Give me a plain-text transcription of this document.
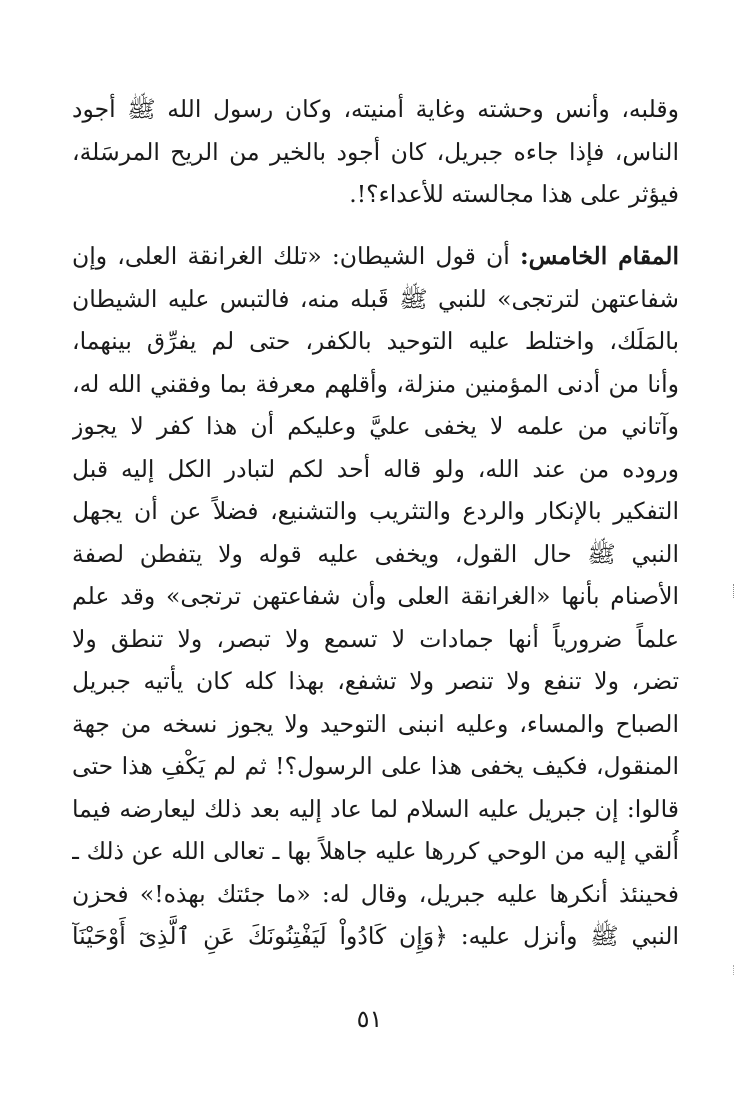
وقلبه، وأنس وحشته وغاية أمنيته، وكان رسول الله ﷺ أجود
الناس، فإذا جاءه جبريل، كان أجود بالخير من الريح المرسَلة،
فيؤثر على هذا مجالسته للأعداء؟!.
المقام الخامس: أن قول الشيطان: «تلك الغرانقة العلى، وإن
شفاعتهن لترتجى» للنبي ﷺ قَبله منه، فالتبس عليه الشيطان
بالمَلَك، واختلط عليه التوحيد بالكفر، حتى لم يفرِّق بينهما،
وأنا من أدنى المؤمنين منزلة، وأقلهم معرفة بما وفقني الله له،
وآتاني من علمه لا يخفى عليَّ وعليكم أن هذا كفر لا يجوز
وروده من عند الله، ولو قاله أحد لكم لتبادر الكل إليه قبل
التفكير بالإنكار والردع والتثريب والتشنيع، فضلاً عن أن يجهل
النبي ﷺ حال القول، ويخفى عليه قوله ولا يتفطن لصفة
الأصنام بأنها «الغرانقة العلى وأن شفاعتهن ترتجى» وقد علم
علماً ضرورياً أنها جمادات لا تسمع ولا تبصر، ولا تنطق ولا
تضر، ولا تنفع ولا تنصر ولا تشفع، بهذا كله كان يأتيه جبريل
الصباح والمساء، وعليه انبنى التوحيد ولا يجوز نسخه من جهة
المنقول، فكيف يخفى هذا على الرسول؟! ثم لم يَكْفِ هذا حتى
قالوا: إن جبريل عليه السلام لما عاد إليه بعد ذلك ليعارضه فيما
أُلقي إليه من الوحي كررها عليه جاهلاً بها ـ تعالى الله عن ذلك ـ
فحينئذ أنكرها عليه جبريل، وقال له: «ما جئتك بهذه!» فحزن
النبي ﷺ وأنزل عليه: ﴿وَإِن كَادُواْ لَيَفْتِنُونَكَ عَنِ ٱلَّذِىٓ أَوْحَيْنَآ
٥١
